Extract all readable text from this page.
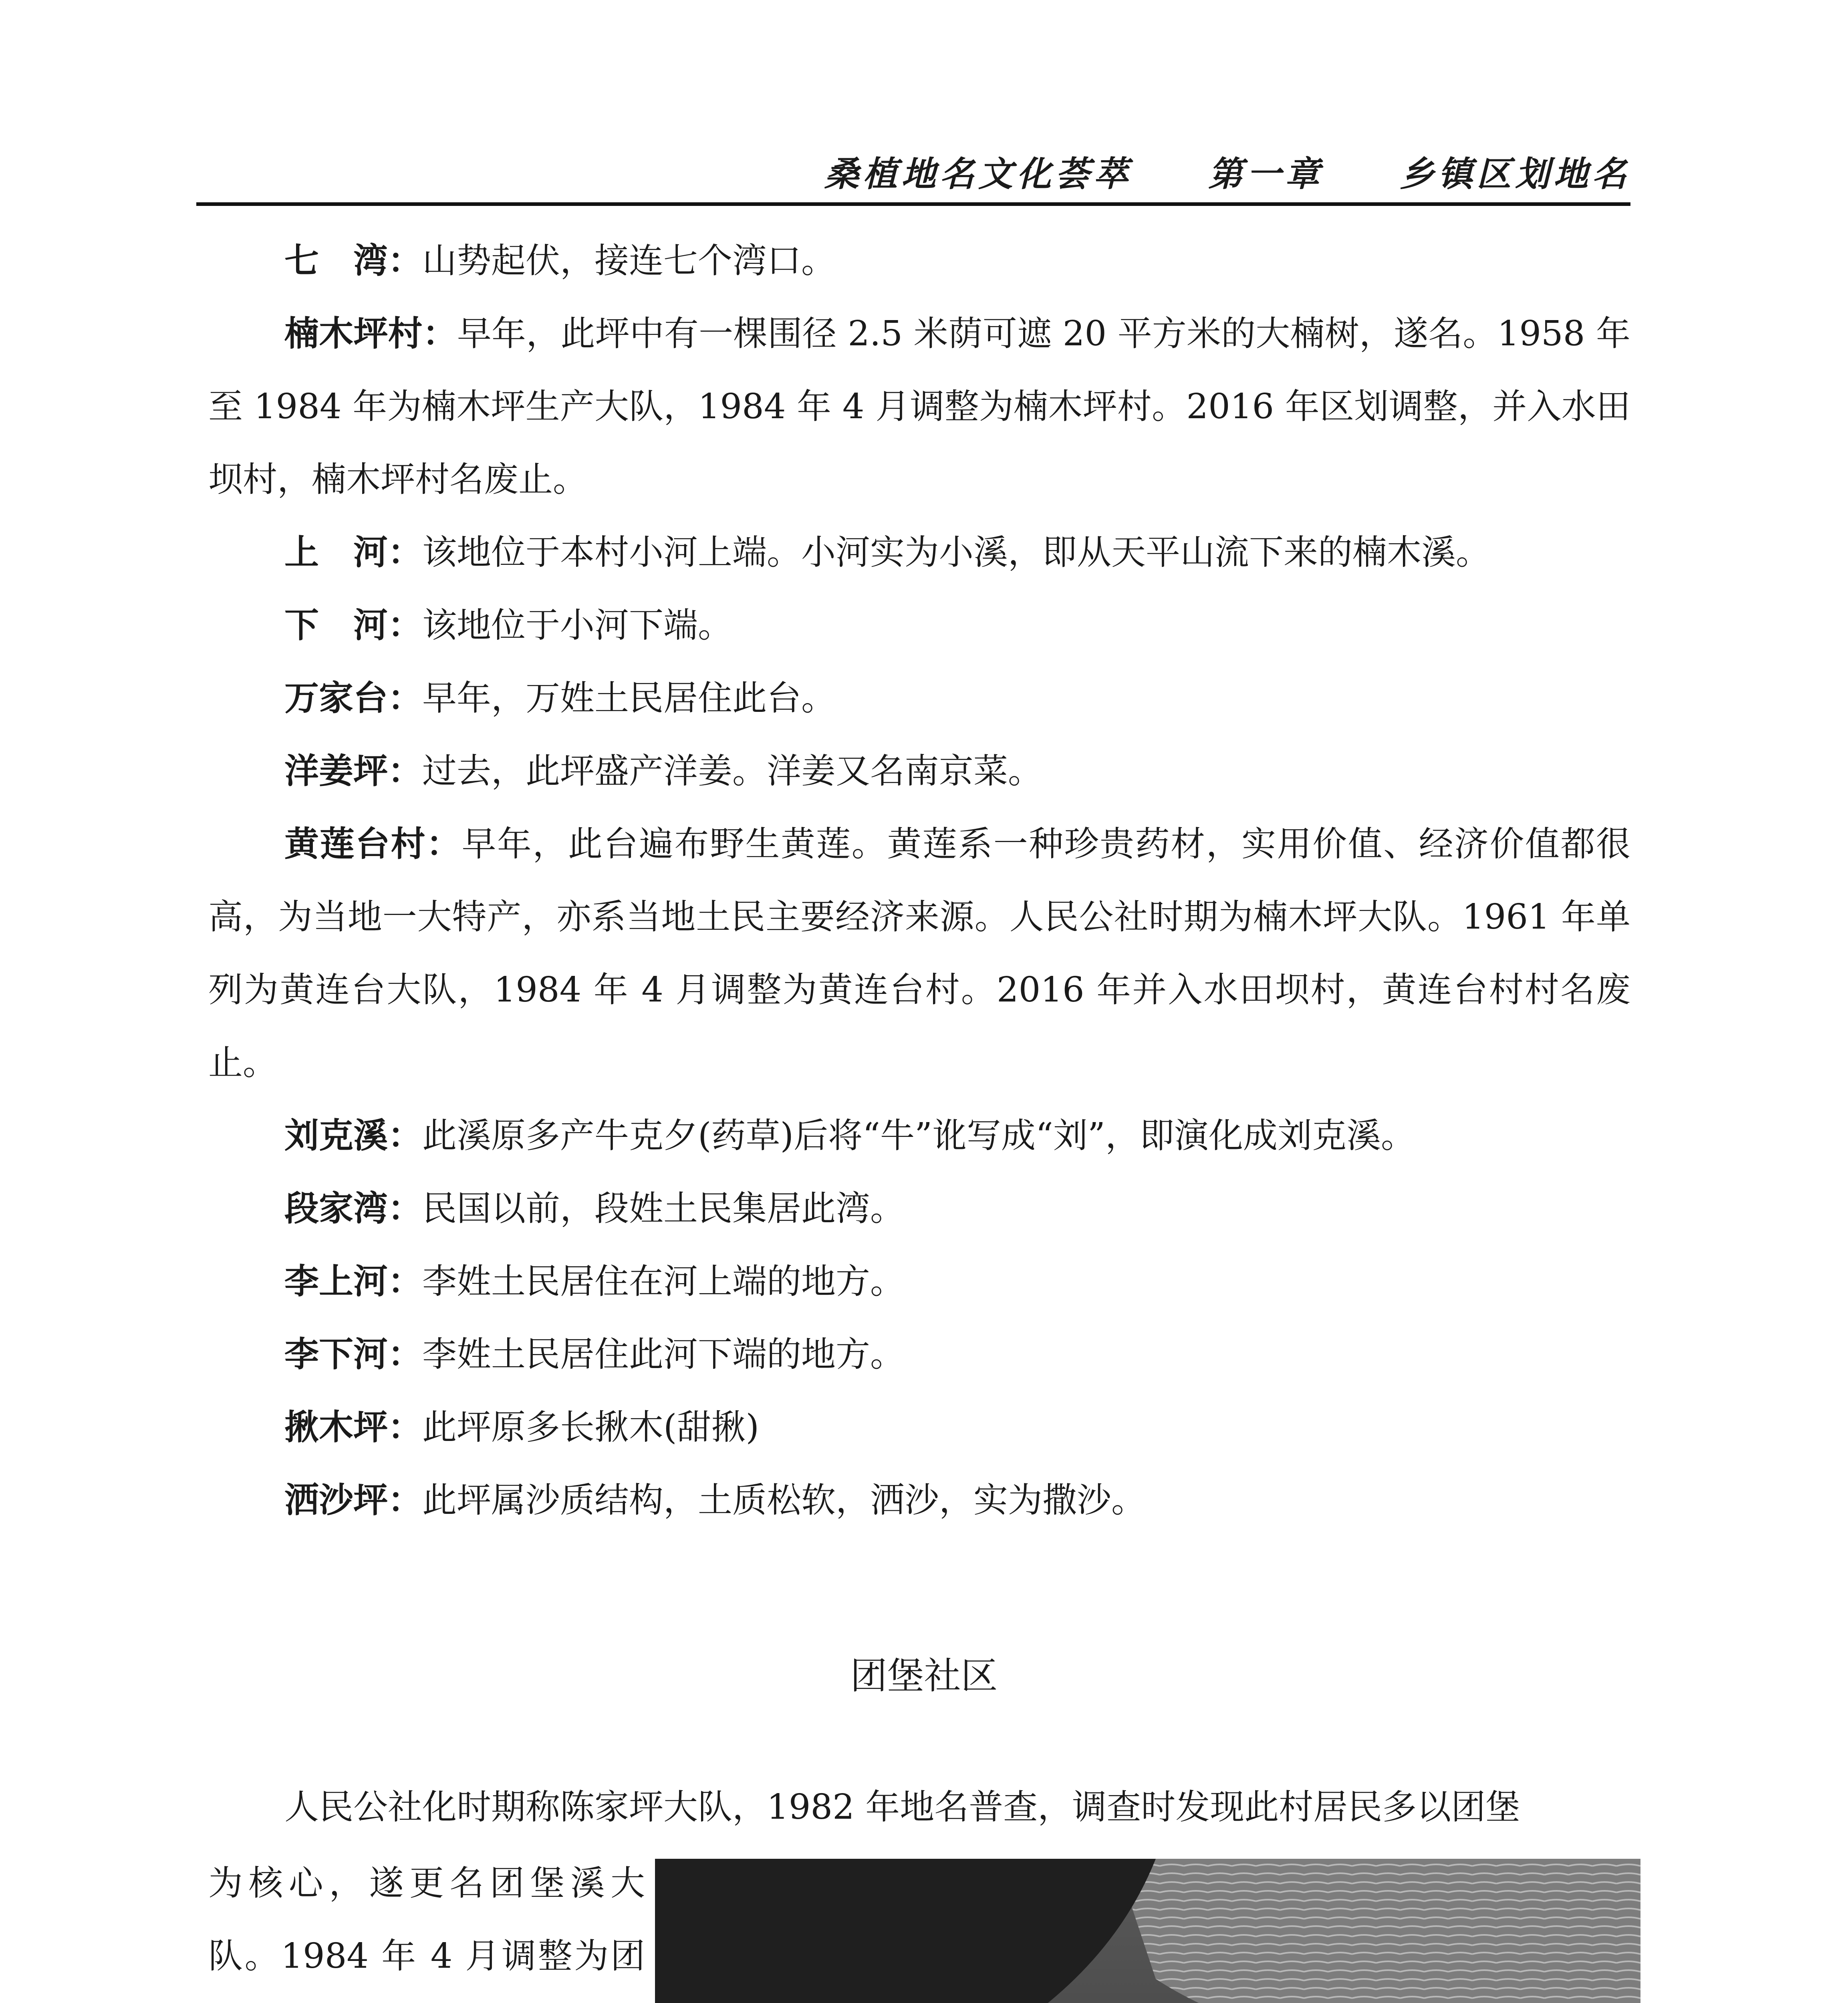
桑植地名文化荟萃 第一章 乡镇区划地名

七　湾：山势起伏，接连七个湾口。

楠木坪村：早年，此坪中有一棵围径 2.5 米荫可遮 20 平方米的大楠树，遂名。1958 年至 1984 年为楠木坪生产大队，1984 年 4 月调整为楠木坪村。2016 年区划调整，并入水田坝村，楠木坪村名废止。

上　河：该地位于本村小河上端。小河实为小溪，即从天平山流下来的楠木溪。

下　河：该地位于小河下端。

万家台：早年，万姓土民居住此台。

洋姜坪：过去，此坪盛产洋姜。洋姜又名南京菜。

黄莲台村：早年，此台遍布野生黄莲。黄莲系一种珍贵药材，实用价值、经济价值都很高，为当地一大特产，亦系当地土民主要经济来源。人民公社时期为楠木坪大队。1961 年单列为黄连台大队，1984 年 4 月调整为黄连台村。2016 年并入水田坝村，黄连台村村名废止。

刘克溪：此溪原多产牛克夕(药草)后将“牛”讹写成“刘”，即演化成刘克溪。

段家湾：民国以前，段姓土民集居此湾。

李上河：李姓土民居住在河上端的地方。

李下河：李姓土民居住此河下端的地方。

揪木坪：此坪原多长揪木(甜揪)

洒沙坪：此坪属沙质结构，土质松软，洒沙，实为撒沙。

团堡社区
人民公社化时期称陈家坪大队，1982 年地名普查，调查时发现此村居民多以团堡
为核心，遂更名团堡溪大队。1984 年 4 月调整为团
